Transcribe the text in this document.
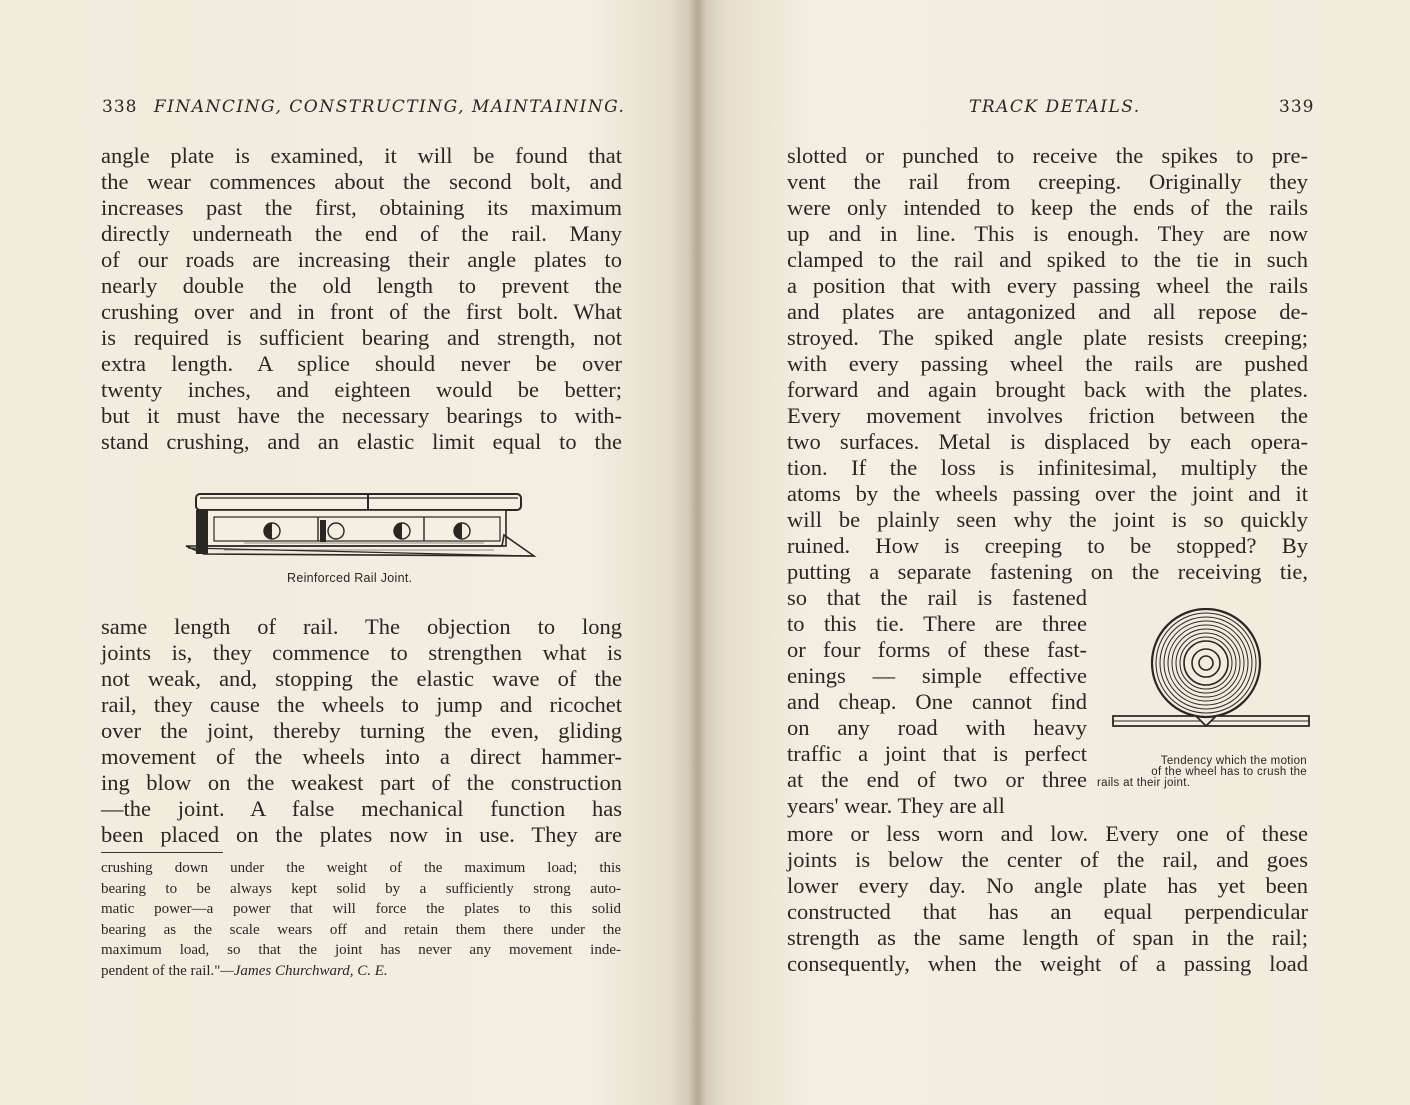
338 FINANCING, CONSTRUCTING, MAINTAINING.
angle plate is examined, it will be found that
the wear commences about the second bolt, and
increases past the first, obtaining its maximum
directly underneath the end of the rail. Many
of our roads are increasing their angle plates to
nearly double the old length to prevent the
crushing over and in front of the first bolt. What
is required is sufficient bearing and strength, not
extra length. A splice should never be over
twenty inches, and eighteen would be better;
but it must have the necessary bearings to with-
stand crushing, and an elastic limit equal to the
Reinforced Rail Joint.
same length of rail. The objection to long
joints is, they commence to strengthen what is
not weak, and, stopping the elastic wave of the
rail, they cause the wheels to jump and ricochet
over the joint, thereby turning the even, gliding
movement of the wheels into a direct hammer-
ing blow on the weakest part of the construction
—the joint. A false mechanical function has
been placed on the plates now in use. They are
crushing down under the weight of the maximum load; this
bearing to be always kept solid by a sufficiently strong auto-
matic power—a power that will force the plates to this solid
bearing as the scale wears off and retain them there under the
maximum load, so that the joint has never any movement inde-
pendent of the rail."—James Churchward, C. E.
TRACK DETAILS.	339
slotted or punched to receive the spikes to pre-
vent the rail from creeping. Originally they
were only intended to keep the ends of the rails
up and in line. This is enough. They are now
clamped to the rail and spiked to the tie in such
a position that with every passing wheel the rails
and plates are antagonized and all repose de-
stroyed. The spiked angle plate resists creeping;
with every passing wheel the rails are pushed
forward and again brought back with the plates.
Every movement involves friction between the
two surfaces. Metal is displaced by each opera-
tion. If the loss is infinitesimal, multiply the
atoms by the wheels passing over the joint and it
will be plainly seen why the joint is so quickly
ruined. How is creeping to be stopped? By
putting a separate fastening on the receiving tie,
so that the rail is fastened
to this tie. There are three
or four forms of these fast-
enings — simple effective
and cheap. One cannot find
on any road with heavy
traffic a joint that is perfect
at the end of two or three
years' wear. They are all
Tendency which the motion
of the wheel has to crush the
rails at their joint.
more or less worn and low. Every one of these
joints is below the center of the rail, and goes
lower every day. No angle plate has yet been
constructed that has an equal perpendicular
strength as the same length of span in the rail;
consequently, when the weight of a passing load
